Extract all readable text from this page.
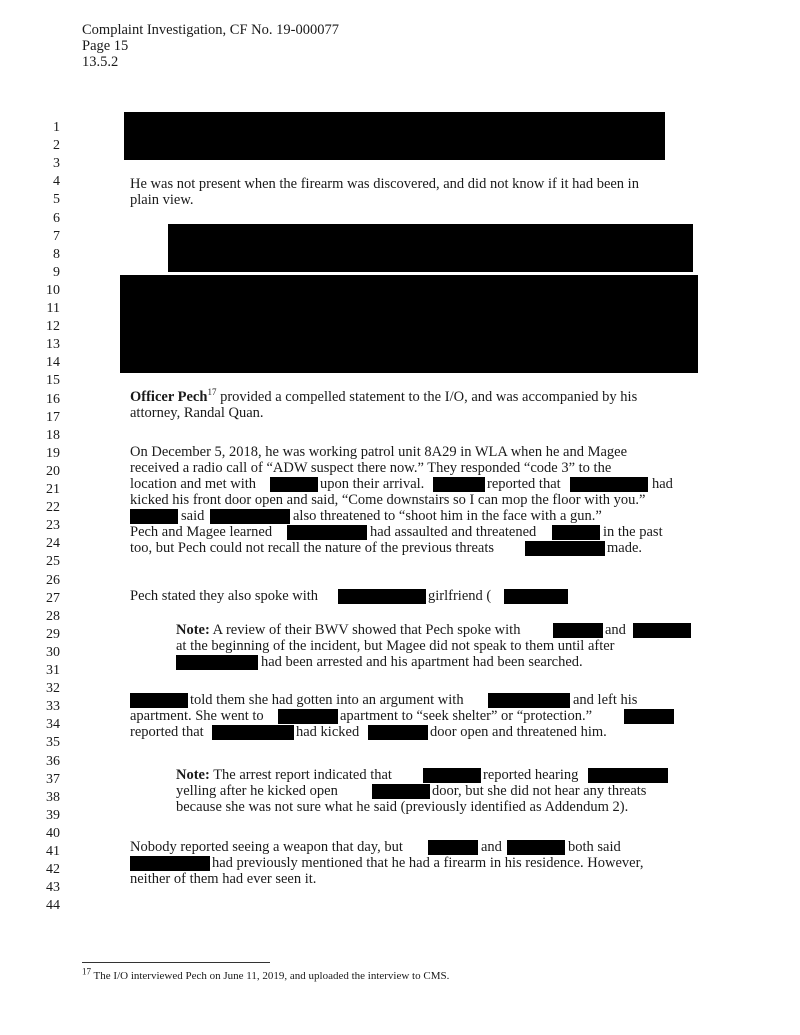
Complaint Investigation, CF No. 19-000077
Page 15
13.5.2
1
2
3
4
5
6
7
8
9
10
11
12
13
14
15
16
17
18
19
20
21
22
23
24
25
26
27
28
29
30
31
32
33
34
35
36
37
38
39
40
41
42
43
44
He was not present when the firearm was discovered, and did not know if it had been in
plain view.
Officer Pech$^{17}$ provided a compelled statement to the I/O, and was accompanied by his
attorney, Randal Quan.
On December 5, 2018, he was working patrol unit 8A29 in WLA when he and Magee
received a radio call of “ADW suspect there now.” They responded “code 3” to the
location and met with	upon their arrival.	reported that	had
kicked his front door open and said, “Come downstairs so I can mop the floor with you.”
said	also threatened to “shoot him in the face with a gun.”
Pech and Magee learned	had assaulted and threatened	in the past
too, but Pech could not recall the nature of the previous threats	made.
Pech stated they also spoke with	girlfriend (
Note: A review of their BWV showed that Pech spoke with	and
at the beginning of the incident, but Magee did not speak to them until after
had been arrested and his apartment had been searched.
told them she had gotten into an argument with	and left his
apartment. She went to	apartment to “seek shelter” or “protection.”
reported that	had kicked	door open and threatened him.
Note: The arrest report indicated that	reported hearing
yelling after he kicked open	door, but she did not hear any threats
because she was not sure what he said (previously identified as Addendum 2).
Nobody reported seeing a weapon that day, but	and	both said
had previously mentioned that he had a firearm in his residence. However,
neither of them had ever seen it.
$^{17}$ The I/O interviewed Pech on June 11, 2019, and uploaded the interview to CMS.
